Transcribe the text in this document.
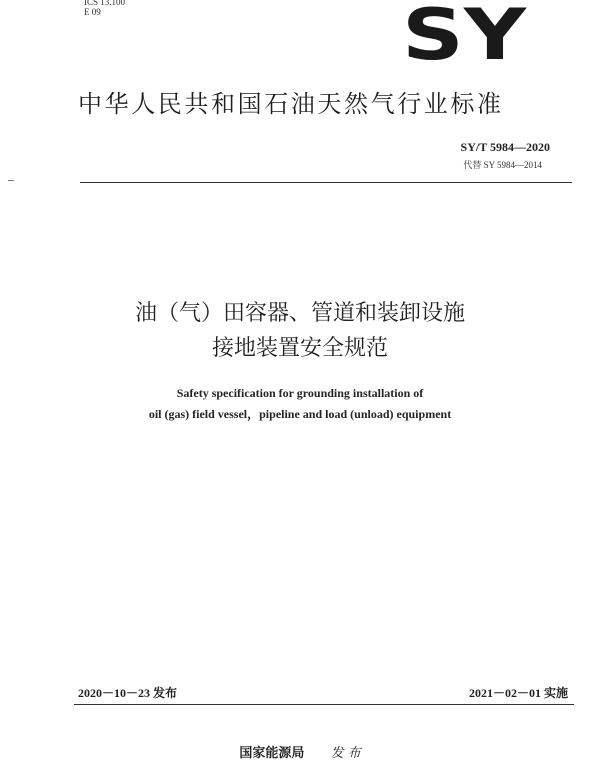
ICS 13.100
E 09	SY
中华人民共和国石油天然气行业标准
SY/T 5984—2020
代替 SY 5984—2014
油（气）田容器、管道和装卸设施
接地装置安全规范
Safety specification for grounding installation of
oil (gas) field vessel，pipeline and load (unload) equipment
2020－10－23 发布	2021－02－01 实施
国家能源局 发 布
